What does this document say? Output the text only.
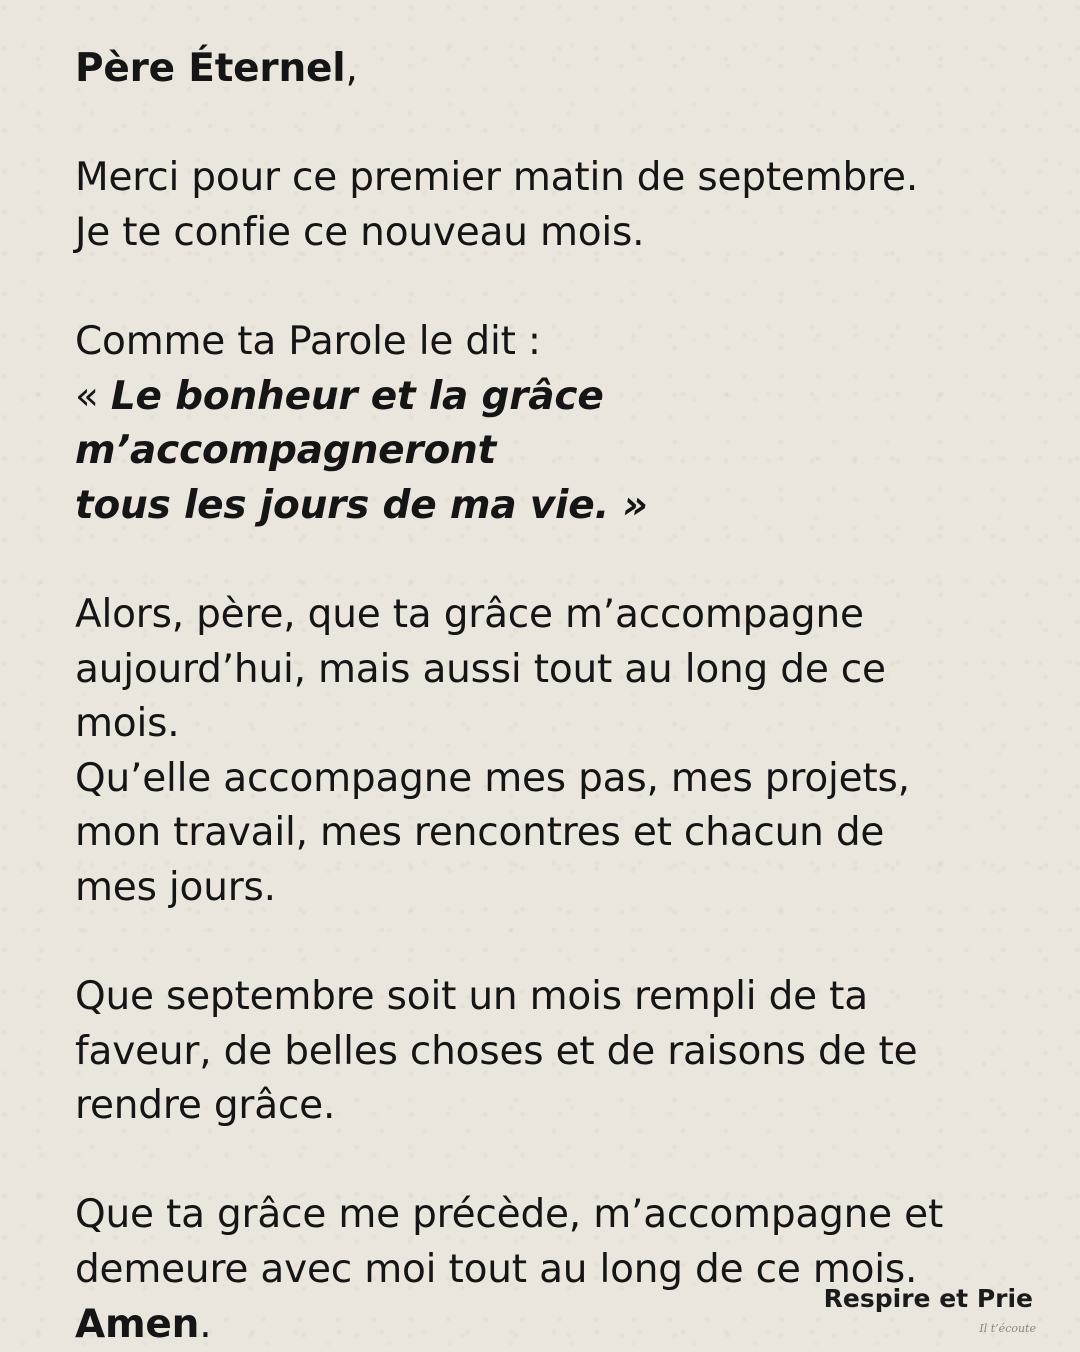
Père Éternel,

Merci pour ce premier matin de septembre.

Je te confie ce nouveau mois.

Comme ta Parole le dit :

« Le bonheur et la grâce m’accompagneront

tous les jours de ma vie. »

Alors, père, que ta grâce m’accompagne

aujourd’hui, mais aussi tout au long de ce

mois.

Qu’elle accompagne mes pas, mes projets,

mon travail, mes rencontres et chacun de

mes jours.

Que septembre soit un mois rempli de ta

faveur, de belles choses et de raisons de te

rendre grâce.

Que ta grâce me précède, m’accompagne et

demeure avec moi tout au long de ce mois.

Amen.

Respire et Prie
Il t’écoute
